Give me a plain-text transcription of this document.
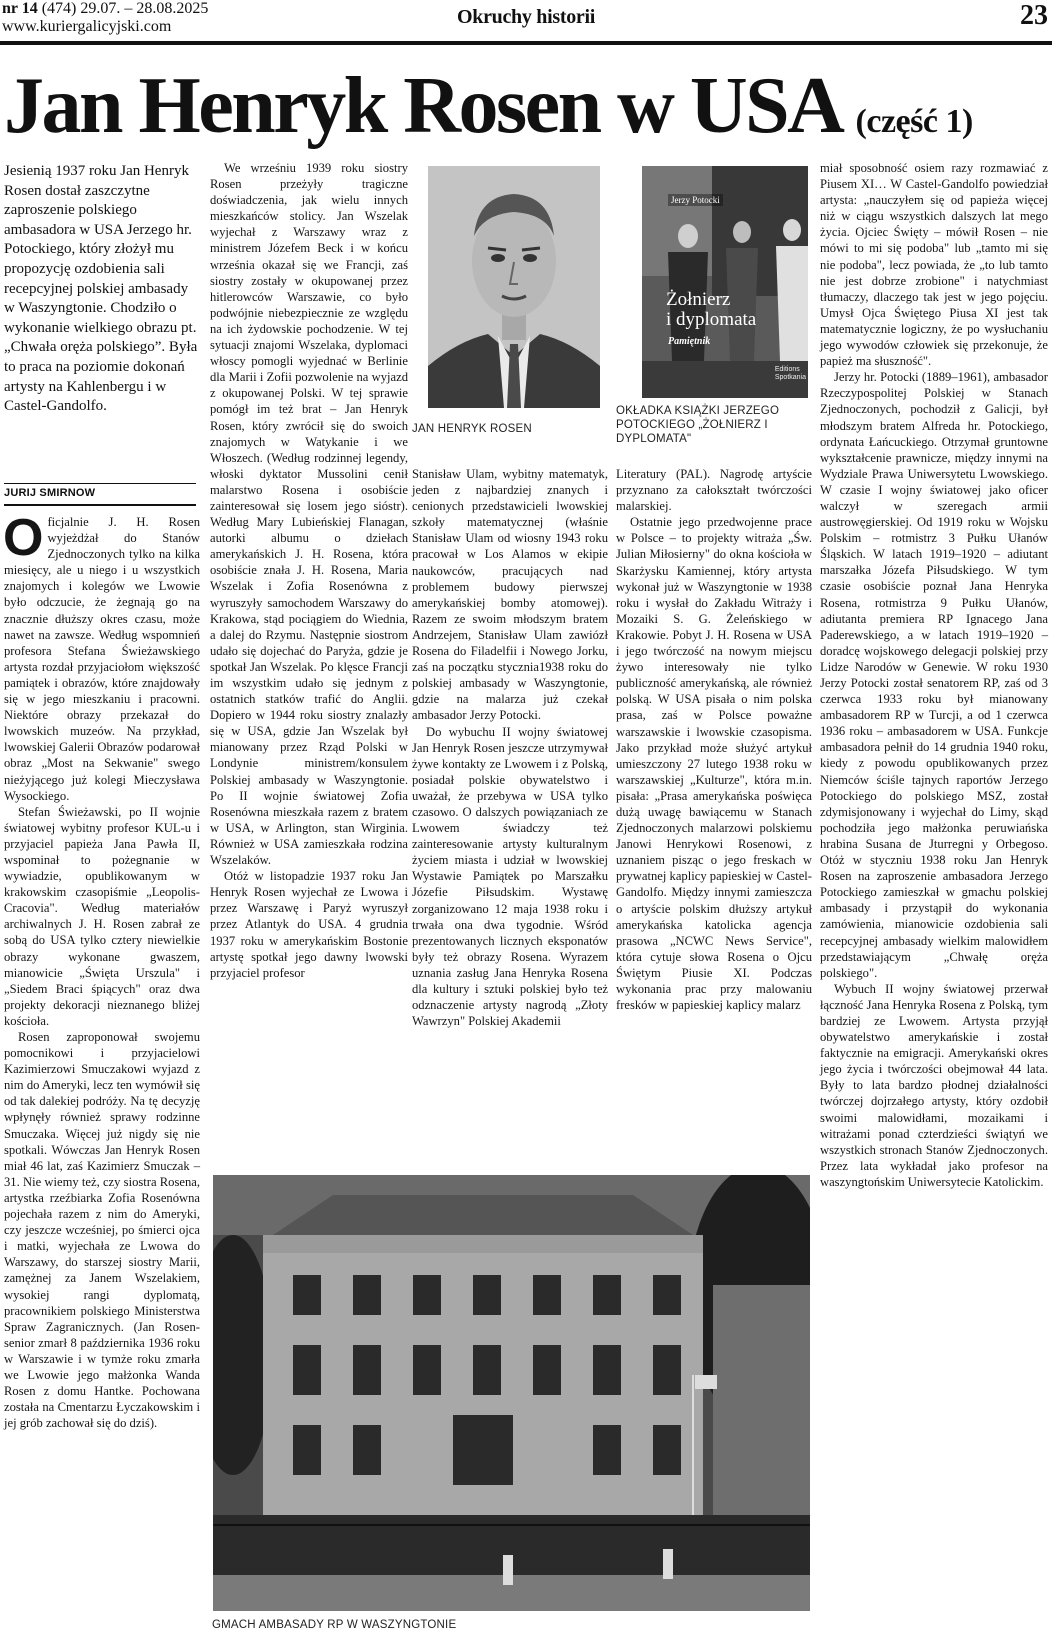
nr 14 (474) 29.07. – 28.08.2025
www.kuriergalicyjski.com	Okruchy historii	23
Jan Henryk Rosen w USA (część 1)
Jesienią 1937 roku Jan Henryk Rosen dostał zaszczytne zaproszenie polskiego ambasadora w USA Jerzego hr. Potockiego, który złożył mu propozycję ozdobienia sali recepcyjnej polskiej ambasady w Waszyngtonie. Chodziło o wykonanie wielkiego obrazu pt. „Chwała oręża polskiego”. Była to praca na poziomie dokonań artysty na Kahlenbergu i w Castel-Gandolfo.
JURIJ SMIRNOW

Oficjalnie J. H. Rosen wyjeżdżał do Stanów Zjednoczonych tylko na kilka miesięcy, ale u niego i u wszystkich znajomych i kolegów we Lwowie było odczucie, że żegnają go na znacznie dłuższy okres czasu, może nawet na zawsze. Według wspomnień profesora Stefana Świeżawskiego artysta rozdał przyjaciołom większość pamiątek i obrazów, które znajdowały się w jego mieszkaniu i pracowni. Niektóre obrazy przekazał do lwowskich muzeów. Na przykład, lwowskiej Galerii Obrazów podarował obraz „Most na Sekwanie" swego nieżyjącego już kolegi Mieczysława Wysockiego.

Stefan Świeżawski, po II wojnie światowej wybitny profesor KUL-u i przyjaciel papieża Jana Pawła II, wspominał to pożegnanie w wywiadzie, opublikowanym w krakowskim czasopiśmie „Leopolis-Cracovia". Według materiałów archiwalnych J. H. Rosen zabrał ze sobą do USA tylko cztery niewielkie obrazy wykonane gwaszem, mianowicie „Święta Urszula" i „Siedem Braci śpiących" oraz dwa projekty dekoracji nieznanego bliżej kościoła.

Rosen zaproponował swojemu pomocnikowi i przyjacielowi Kazimierzowi Smuczakowi wyjazd z nim do Ameryki, lecz ten wymówił się od tak dalekiej podróży. Na tę decyzję wpłynęły również sprawy rodzinne Smuczaka. Więcej już nigdy się nie spotkali. Wówczas Jan Henryk Rosen miał 46 lat, zaś Kazimierz Smuczak – 31. Nie wiemy też, czy siostra Rosena, artystka rzeźbiarka Zofia Rosenówna pojechała razem z nim do Ameryki, czy jeszcze wcześniej, po śmierci ojca i matki, wyjechała ze Lwowa do Warszawy, do starszej siostry Marii, zamężnej za Janem Wszelakiem, wysokiej rangi dyplomatą, pracownikiem polskiego Ministerstwa Spraw Zagranicznych. (Jan Rosen-senior zmarł 8 października 1936 roku w Warszawie i w tymże roku zmarła we Lwowie jego małżonka Wanda Rosen z domu Hantke. Pochowana została na Cmentarzu Łyczakowskim i jej grób zachował się do dziś).

We wrześniu 1939 roku siostry Rosen przeżyły tragiczne doświadczenia, jak wielu innych mieszkańców stolicy. Jan Wszelak wyjechał z Warszawy wraz z ministrem Józefem Beck i w końcu września okazał się we Francji, zaś siostry zostały w okupowanej przez hitlerowców Warszawie, co było podwójnie niebezpiecznie ze względu na ich żydowskie pochodzenie. W tej sytuacji znajomi Wszelaka, dyplomaci włoscy pomogli wyjednać w Berlinie dla Marii i Zofii pozwolenie na wyjazd z okupowanej Polski. W tej sprawie pomógł im też brat – Jan Henryk Rosen, który zwrócił się do swoich znajomych w Watykanie i we Włoszech. (Według rodzinnej legendy, włoski dyktator Mussolini cenił malarstwo Rosena i osobiście zainteresował się losem jego sióstr). Według Mary Lubieńskiej Flanagan, autorki albumu o dziełach amerykańskich J. H. Rosena, która osobiście znała J. H. Rosena, Maria Wszelak i Zofia Rosenówna z wyruszyły samochodem Warszawy do Krakowa, stąd pociągiem do Wiednia, a dalej do Rzymu. Następnie siostrom udało się dojechać do Paryża, gdzie je spotkał Jan Wszelak. Po klęsce Francji im wszystkim udało się jednym z ostatnich statków trafić do Anglii. Dopiero w 1944 roku siostry znalazły się w USA, gdzie Jan Wszelak był mianowany przez Rząd Polski w Londynie ministrem/konsulem Polskiej ambasady w Waszyngtonie. Po II wojnie światowej Zofia Rosenówna mieszkała razem z bratem w USA, w Arlington, stan Wirginia. Również w USA zamieszkała rodzina Wszelaków.

Otóż w listopadzie 1937 roku Jan Henryk Rosen wyjechał ze Lwowa i przez Warszawę i Paryż wyruszył przez Atlantyk do USA. 4 grudnia 1937 roku w amerykańskim Bostonie artystę spotkał jego dawny lwowski przyjaciel profesor

JAN HENRYK ROSEN
Jerzy Potocki
Żołnierz
i dyplomata
Pamiętnik
Editions
Spotkania
OKŁADKA KSIĄŻKI JERZEGO POTOCKIEGO „ŻOŁNIERZ I DYPLOMATA"

Stanisław Ulam, wybitny matematyk, jeden z najbardziej znanych i cenionych przedstawicieli lwowskiej szkoły matematycznej (właśnie Stanisław Ulam od wiosny 1943 roku pracował w Los Alamos w ekipie naukowców, pracujących nad problemem budowy pierwszej amerykańskiej bomby atomowej). Razem ze swoim młodszym bratem Andrzejem, Stanisław Ulam zawiózł Rosena do Filadelfii i Nowego Jorku, zaś na początku stycznia1938 roku do polskiej ambasady w Waszyngtonie, gdzie na malarza już czekał ambasador Jerzy Potocki.

Do wybuchu II wojny światowej Jan Henryk Rosen jeszcze utrzymywał żywe kontakty ze Lwowem i z Polską, posiadał polskie obywatelstwo i uważał, że przebywa w USA tylko czasowo. O dalszych powiązaniach ze Lwowem świadczy też zainteresowanie artysty kulturalnym życiem miasta i udział w lwowskiej Wystawie Pamiątek po Marszałku Józefie Piłsudskim. Wystawę zorganizowano 12 maja 1938 roku i trwała ona dwa tygodnie. Wśród prezentowanych licznych eksponatów były też obrazy Rosena. Wyrazem uznania zasług Jana Henryka Rosena dla kultury i sztuki polskiej było też odznaczenie artysty nagrodą „Złoty Wawrzyn" Polskiej Akademii

Literatury (PAL). Nagrodę artyście przyznano za całokształt twórczości malarskiej.

Ostatnie jego przedwojenne prace w Polsce – to projekty witraża „Św. Julian Miłosierny" do okna kościoła w Skarżysku Kamiennej, który artysta wykonał już w Waszyngtonie w 1938 roku i wysłał do Zakładu Witraży i Mozaiki S. G. Żeleńskiego w Krakowie. Pobyt J. H. Rosena w USA i jego twórczość na nowym miejscu żywo interesowały nie tylko publiczność amerykańską, ale również polską. W USA pisała o nim polska prasa, zaś w Polsce poważne warszawskie i lwowskie czasopisma. Jako przykład może służyć artykuł umieszczony 27 lutego 1938 roku w warszawskiej „Kulturze", która m.in. pisała: „Prasa amerykańska poświęca dużą uwagę bawiącemu w Stanach Zjednoczonych malarzowi polskiemu Janowi Henrykowi Rosenowi, z uznaniem pisząc o jego freskach w prywatnej kaplicy papieskiej w Castel-Gandolfo. Między innymi zamieszcza o artyście polskim dłuższy artykuł amerykańska katolicka agencja prasowa „NCWC News Service", która cytuje słowa Rosena o Ojcu Świętym Piusie XI. Podczas wykonania prac przy malowaniu fresków w papieskiej kaplicy malarz

miał sposobność osiem razy rozmawiać z Piusem XI… W Castel-Gandolfo powiedział artysta: „nauczyłem się od papieża więcej niż w ciągu wszystkich dalszych lat mego życia. Ojciec Święty – mówił Rosen – nie mówi to mi się podoba" lub „tamto mi się nie podoba", lecz powiada, że „to lub tamto nie jest dobrze zrobione" i natychmiast tłumaczy, dlaczego tak jest w jego pojęciu. Umysł Ojca Świętego Piusa XI jest tak matematycznie logiczny, że po wysłuchaniu jego wywodów człowiek się przekonuje, że papież ma słuszność".

Jerzy hr. Potocki (1889–1961), ambasador Rzeczypospolitej Polskiej w Stanach Zjednoczonych, pochodził z Galicji, był młodszym bratem Alfreda hr. Potockiego, ordynata Łańcuckiego. Otrzymał gruntowne wykształcenie prawnicze, między innymi na Wydziale Prawa Uniwersytetu Lwowskiego. W czasie I wojny światowej jako oficer walczył w szeregach armii austrowęgierskiej. Od 1919 roku w Wojsku Polskim – rotmistrz 3 Pułku Ułanów Śląskich. W latach 1919–1920 – adiutant marszałka Józefa Piłsudskiego. W tym czasie osobiście poznał Jana Henryka Rosena, rotmistrza 9 Pułku Ułanów, adiutanta premiera RP Ignacego Jana Paderewskiego, a w latach 1919–1920 – doradcę wojskowego delegacji polskiej przy Lidze Narodów w Genewie. W roku 1930 Jerzy Potocki został senatorem RP, zaś od 3 czerwca 1933 roku był mianowany ambasadorem RP w Turcji, a od 1 czerwca 1936 roku – ambasadorem w USA. Funkcje ambasadora pełnił do 14 grudnia 1940 roku, kiedy z powodu opublikowanych przez Niemców ściśle tajnych raportów Jerzego Potockiego do polskiego MSZ, został zdymisjonowany i wyjechał do Limy, skąd pochodziła jego małżonka peruwiańska hrabina Susana de Jturregni y Orbegoso. Otóż w styczniu 1938 roku Jan Henryk Rosen na zaproszenie ambasadora Jerzego Potockiego zamieszkał w gmachu polskiej ambasady i przystąpił do wykonania zamówienia, mianowicie ozdobienia sali recepcyjnej ambasady wielkim malowidłem przedstawiającym „Chwałę oręża polskiego".

Wybuch II wojny światowej przerwał łączność Jana Henryka Rosena z Polską, tym bardziej ze Lwowem. Artysta przyjął obywatelstwo amerykańskie i został faktycznie na emigracji. Amerykański okres jego życia i twórczości obejmował 44 lata. Były to lata bardzo płodnej działalności twórczej dojrzałego artysty, który ozdobił swoimi malowidłami, mozaikami i witrażami ponad czterdzieści świątyń we wszystkich stronach Stanów Zjednoczonych. Przez lata wykładał jako profesor na waszyngtońskim Uniwersytecie Katolickim.

GMACH AMBASADY RP W WASZYNGTONIE
